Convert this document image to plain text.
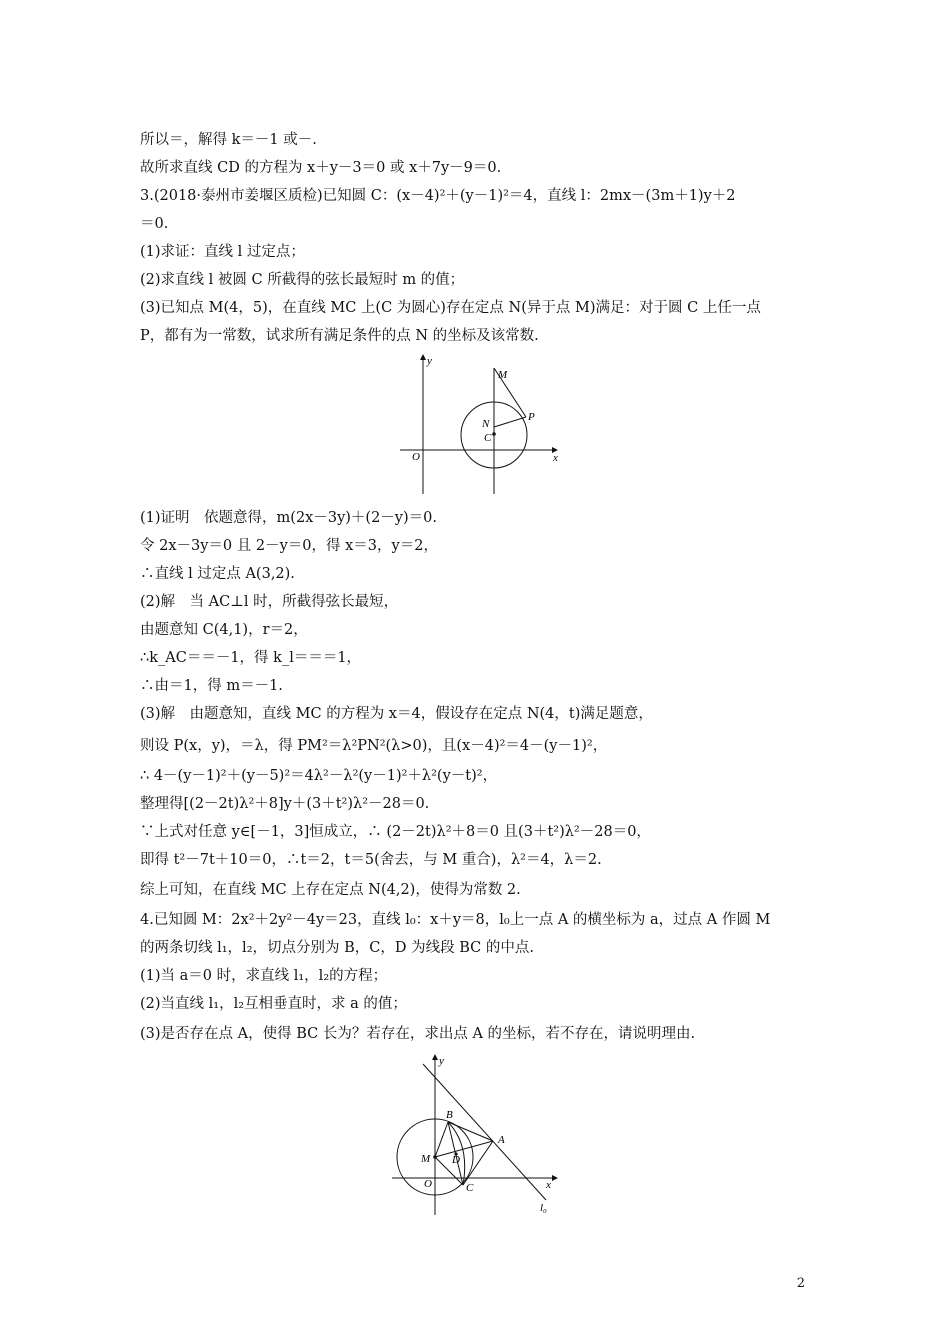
所以＝，解得 k＝－1 或－.
故所求直线 CD 的方程为 x＋y－3＝0 或 x＋7y－9＝0.
3.(2018·泰州市姜堰区质检)已知圆 C：(x－4)²＋(y－1)²＝4，直线 l：2mx－(3m＋1)y＋2
＝0.
(1)求证：直线 l 过定点；
(2)求直线 l 被圆 C 所截得的弦长最短时 m 的值；
(3)已知点 M(4，5)，在直线 MC 上(C 为圆心)存在定点 N(异于点 M)满足：对于圆 C 上任一点
P，都有为一常数，试求所有满足条件的点 N 的坐标及该常数.
y
x
O
M
N
C
P
(1)证明　依题意得，m(2x－3y)＋(2－y)＝0.
令 2x－3y＝0 且 2－y＝0，得 x＝3，y＝2，
∴直线 l 过定点 A(3,2).
(2)解　当 AC⊥l 时，所截得弦长最短，
由题意知 C(4,1)，r＝2，
∴k_AC＝＝－1，得 k_l＝＝＝1，
∴由＝1，得 m＝－1.
(3)解　由题意知，直线 MC 的方程为 x＝4，假设存在定点 N(4，t)满足题意，
则设 P(x，y)，＝λ，得 PM²＝λ²PN²(λ>0)，且(x－4)²＝4－(y－1)²，
∴ 4－(y－1)²＋(y－5)²＝4λ²－λ²(y－1)²＋λ²(y－t)²，
整理得[(2－2t)λ²＋8]y＋(3＋t²)λ²－28＝0.
∵上式对任意 y∈[－1，3]恒成立，∴ (2－2t)λ²＋8＝0 且(3＋t²)λ²－28＝0，
即得 t²－7t＋10＝0，∴t＝2，t＝5(舍去，与 M 重合)，λ²＝4，λ＝2.
综上可知，在直线 MC 上存在定点 N(4,2)，使得为常数 2.
4.已知圆 M：2x²＋2y²－4y＝23，直线 l₀：x＋y＝8，l₀上一点 A 的横坐标为 a，过点 A 作圆 M
的两条切线 l₁，l₂，切点分别为 B，C，D 为线段 BC 的中点.
(1)当 a＝0 时，求直线 l₁，l₂的方程；
(2)当直线 l₁，l₂互相垂直时，求 a 的值；
(3)是否存在点 A，使得 BC 长为？若存在，求出点 A 的坐标，若不存在，请说明理由.
y
x
O
M
B
A
D
C
l₀
2
